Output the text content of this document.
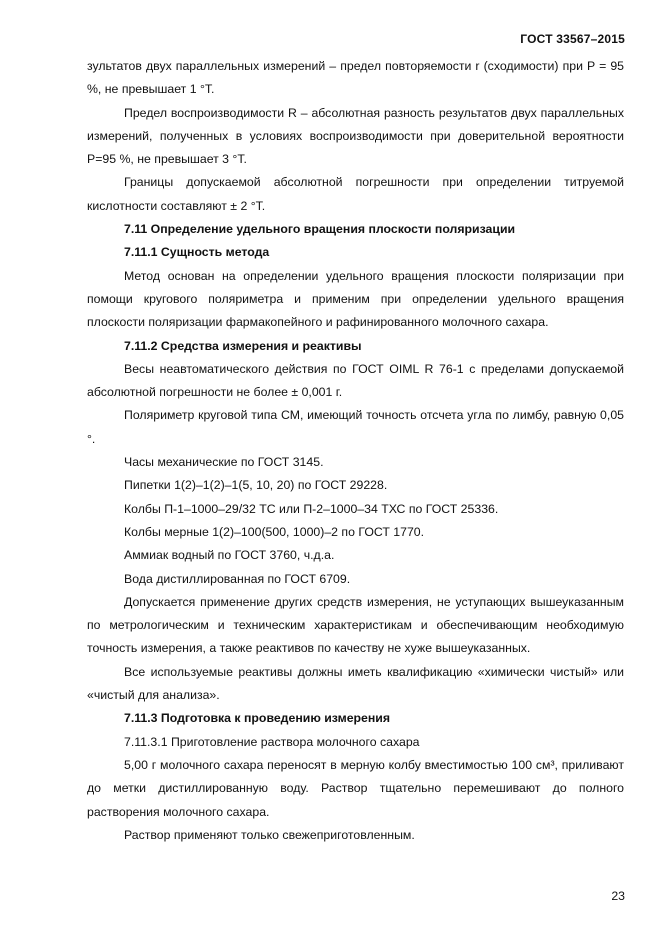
ГОСТ 33567–2015

зультатов двух параллельных измерений – предел повторяемости r (сходимости) при P = 95 %, не превышает 1 °Т.

Предел воспроизводимости R – абсолютная разность результатов двух параллельных измерений, полученных в условиях воспроизводимости при доверительной вероятности P=95 %, не превышает 3 °Т.

Границы допускаемой абсолютной погрешности при определении титруемой кислотности составляют ± 2 °Т.

7.11 Определение удельного вращения плоскости поляризации

7.11.1 Сущность метода

Метод основан на определении удельного вращения плоскости поляризации при помощи кругового поляриметра и применим при определении удельного вращения плоскости поляризации фармакопейного и рафинированного молочного сахара.

7.11.2 Средства измерения и реактивы

Весы неавтоматического действия по ГОСТ OIML R 76-1 с пределами допускаемой абсолютной погрешности не более ± 0,001 г.

Поляриметр круговой типа СМ, имеющий точность отсчета угла по лимбу, равную 0,05 °.

Часы механические по ГОСТ 3145.

Пипетки 1(2)–1(2)–1(5, 10, 20) по ГОСТ 29228.

Колбы П-1–1000–29/32 ТС или П-2–1000–34 ТХС по ГОСТ 25336.

Колбы мерные 1(2)–100(500, 1000)–2 по ГОСТ 1770.

Аммиак водный по ГОСТ 3760, ч.д.а.

Вода дистиллированная по ГОСТ 6709.

Допускается применение других средств измерения, не уступающих вышеуказанным по метрологическим и техническим характеристикам и обеспечивающим необходимую точность измерения, а также реактивов по качеству не хуже вышеуказанных.

Все используемые реактивы должны иметь квалификацию «химически чистый» или «чистый для анализа».

7.11.3 Подготовка к проведению измерения

7.11.3.1 Приготовление раствора молочного сахара

5,00 г молочного сахара переносят в мерную колбу вместимостью 100 см³, приливают до метки дистиллированную воду. Раствор тщательно перемешивают до полного растворения молочного сахара.

Раствор применяют только свежеприготовленным.

23
